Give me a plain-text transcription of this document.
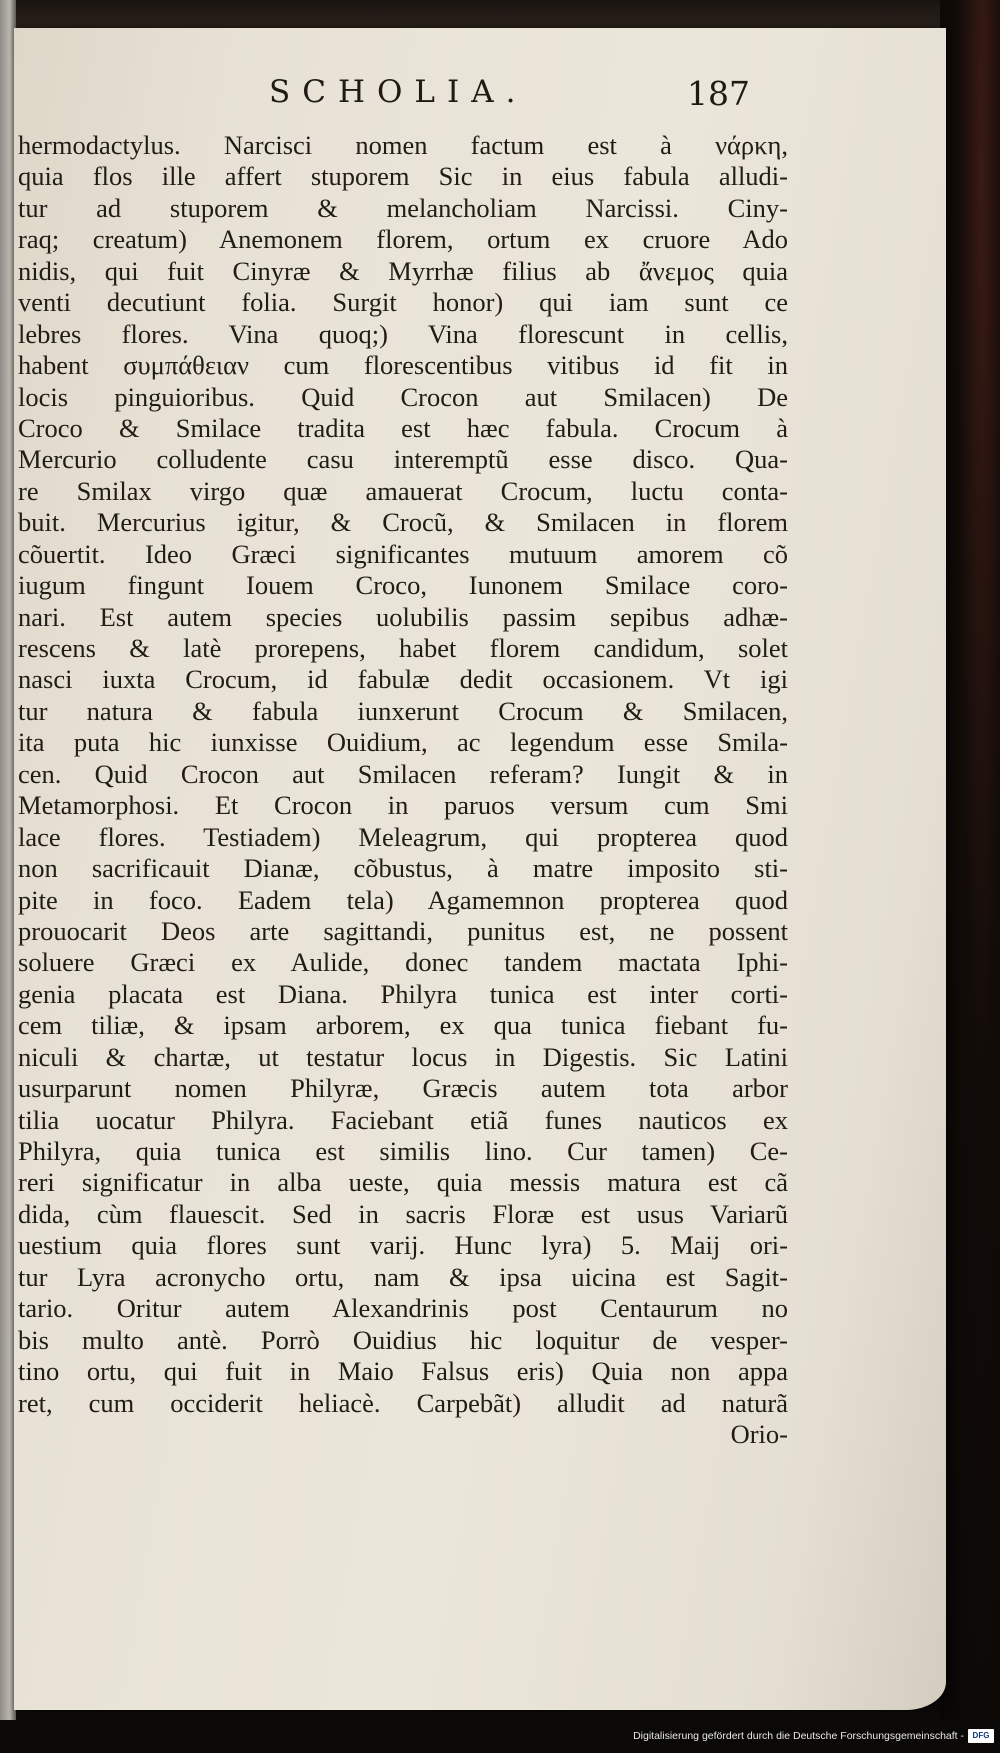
SCHOLIA.	187
hermodactylus. Narcisci nomen factum est à νάρκη,
quia flos ille affert stuporem Sic in eius fabula alludi-
tur ad stuporem & melancholiam Narcissi. Ciny-
raq; creatum) Anemonem florem, ortum ex cruore Ado
nidis, qui fuit Cinyræ & Myrrhæ filius ab ἄνεμος quia
venti decutiunt folia. Surgit honor) qui iam sunt ce
lebres flores. Vina quoq;) Vina florescunt in cellis,
habent συμπάθειαν cum florescentibus vitibus id fit in
locis pinguioribus. Quid Crocon aut Smilacen) De
Croco & Smilace tradita est hæc fabula. Crocum à
Mercurio colludente casu interemptũ esse disco. Qua-
re Smilax virgo quæ amauerat Crocum, luctu conta-
buit. Mercurius igitur, & Crocũ, & Smilacen in florem
cõuertit. Ideo Græci significantes mutuum amorem cõ
iugum fingunt Iouem Croco, Iunonem Smilace coro-
nari. Est autem species uolubilis passim sepibus adhæ-
rescens & latè prorepens, habet florem candidum, solet
nasci iuxta Crocum, id fabulæ dedit occasionem. Vt igi
tur natura & fabula iunxerunt Crocum & Smilacen,
ita puta hic iunxisse Ouidium, ac legendum esse Smila-
cen. Quid Crocon aut Smilacen referam? Iungit & in
Metamorphosi. Et Crocon in paruos versum cum Smi
lace flores. Testiadem) Meleagrum, qui propterea quod
non sacrificauit Dianæ, cõbustus, à matre imposito sti-
pite in foco. Eadem tela) Agamemnon propterea quod
prouocarit Deos arte sagittandi, punitus est, ne possent
soluere Græci ex Aulide, donec tandem mactata Iphi-
genia placata est Diana. Philyra tunica est inter corti-
cem tiliæ, & ipsam arborem, ex qua tunica fiebant fu-
niculi & chartæ, ut testatur locus in Digestis. Sic Latini
usurparunt nomen Philyræ, Græcis autem tota arbor
tilia uocatur Philyra. Faciebant etiã funes nauticos ex
Philyra, quia tunica est similis lino. Cur tamen) Ce-
reri significatur in alba ueste, quia messis matura est cã
dida, cùm flauescit. Sed in sacris Floræ est usus Variarũ
uestium quia flores sunt varij. Hunc lyra) 5. Maij ori-
tur Lyra acronycho ortu, nam & ipsa uicina est Sagit-
tario. Oritur autem Alexandrinis post Centaurum no
bis multo antè. Porrò Ouidius hic loquitur de vesper-
tino ortu, qui fuit in Maio Falsus eris) Quia non appa
ret, cum occiderit heliacè. Carpebãt) alludit ad naturã
Orio-
Digitalisierung gefördert durch die Deutsche Forschungsgemeinschaft -	DFG
